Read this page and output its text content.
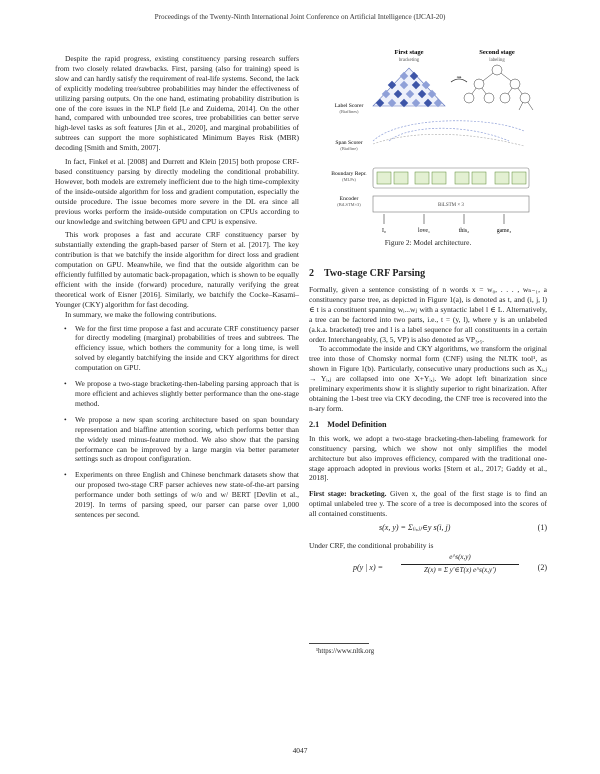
Proceedings of the Twenty-Ninth International Joint Conference on Artificial Intelligence (IJCAI-20)

Despite the rapid progress, existing constituency parsing research suffers from two closely related drawbacks. First, parsing (also for training) speed is slow and can hardly satisfy the requirement of real-life systems. Second, the lack of explicitly modeling tree/subtree probabilities may hinder the effectiveness of utilizing parsing outputs. On the one hand, estimating probability distribution is one of the core issues in the NLP field [Le and Zuidema, 2014]. On the other hand, compared with unbounded tree scores, tree probabilities can better serve high-level tasks as soft features [Jin et al., 2020], and marginal probabilities of subtrees can support the more sophisticated Minimum Bayes Risk (MBR) decoding [Smith and Smith, 2007].

In fact, Finkel et al. [2008] and Durrett and Klein [2015] both propose CRF-based constituency parsing by directly modeling the conditional probability. However, both models are extremely inefficient due to the high time-complexity of the inside-outside algorithm for loss and gradient computation, especially the outside procedure. The issue becomes more severe in the DL era since all previous works perform the inside-outside computation on CPUs according to our knowledge and switching between GPU and CPU is expensive.

This work proposes a fast and accurate CRF constituency parser by substantially extending the graph-based parser of Stern et al. [2017]. The key contribution is that we batchify the inside algorithm for direct loss and gradient computation on GPU. Meanwhile, we find that the outside algorithm can be efficiently fulfilled by automatic back-propagation, which is shown to be equally efficient with the inside (forward) procedure, naturally verifying the great theoretical work of Eisner [2016]. Similarly, we batchify the Cocke–Kasami–Younger (CKY) algorithm for fast decoding.

In summary, we make the following contributions.

• We for the first time propose a fast and accurate CRF constituency parser for directly modeling (marginal) probabilities of trees and subtrees. The efficiency issue, which bothers the community for a long time, is well solved by elegantly batchifying the inside and CKY algorithms for direct computation on GPU.
• We propose a two-stage bracketing-then-labeling parsing approach that is more efficient and achieves slightly better performance than the one-stage method.
• We propose a new span scoring architecture based on span boundary representation and biaffine attention scoring, which performs better than the widely used minus-feature method. We also show that the parsing performance can be improved by a large margin via better parameter settings such as dropout configuration.
• Experiments on three English and Chinese benchmark datasets show that our proposed two-stage CRF parser achieves new state-of-the-art parsing performance under both settings of w/o and w/ BERT [Devlin et al., 2019]. In terms of parsing speed, our parser can parse over 1,000 sentences per second.
First stage
bracketing
Second stage
labeling
Label Scorer
(Biaffines)
Span Scorer
(Biaffine)
Boundary Repr.
(MLPs)
Encoder
(BiLSTM×3)
⇝
BiLSTM × 3
I₀	love₁	this₂	game₃
Figure 2: Model architecture.
2 Two-stage CRF Parsing

Formally, given a sentence consisting of n words x = w₀, . . . , wₙ₋₁, a constituency parse tree, as depicted in Figure 1(a), is denoted as t, and (i, j, l) ∈ t is a constituent spanning wᵢ...wⱼ with a syntactic label l ∈ L. Alternatively, a tree can be factored into two parts, i.e., t = (y, l), where y is an unlabeled (a.k.a. bracketed) tree and l is a label sequence for all constituents in a certain order. Interchangeably, (3, 5, VP) is also denoted as VP₃,₅.

To accommodate the inside and CKY algorithms, we transform the original tree into those of Chomsky normal form (CNF) using the NLTK tool¹, as shown in Figure 1(b). Particularly, consecutive unary productions such as Xᵢ,ⱼ → Yᵢ,ⱼ are collapsed into one X+Yᵢ,ⱼ. We adopt left binarization since preliminary experiments show it is slightly superior to right binarization. After obtaining the 1-best tree via CKY decoding, the CNF tree is recovered into the n-ary form.

2.1 Model Definition

In this work, we adopt a two-stage bracketing-then-labeling framework for constituency parsing, which we show not only simplifies the model architecture but also improves efficiency, compared with the traditional one-stage approach adopted in previous works [Stern et al., 2017; Gaddy et al., 2018].

First stage: bracketing. Given x, the goal of the first stage is to find an optimal unlabeled tree y. The score of a tree is decomposed into the scores of all contained constituents.

s(x, y) = Σ₍ᵢ,ⱼ₎∈y s(i, j)	(1)

Under CRF, the conditional probability is

p(y | x) =
e^s(x,y)
Z(x) ≡ Σ y′∈T(x) e^s(x,y′)	(2)
¹https://www.nltk.org
4047
